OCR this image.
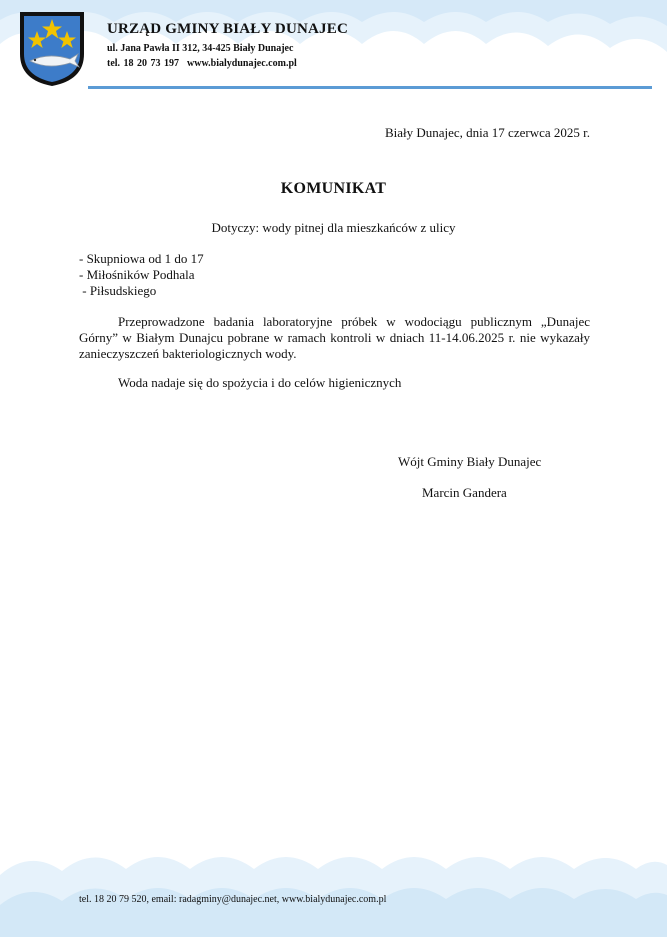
URZĄD GMINY BIAŁY DUNAJEC
ul. Jana Pawła II 312, 34-425 Biały Dunajec
tel. 18 20 73 197 www.bialydunajec.com.pl
Biały Dunajec, dnia 17 czerwca 2025 r.
KOMUNIKAT
Dotyczy: wody pitnej dla mieszkańców z ulicy
- Skupniowa od 1 do 17
- Miłośników Podhala
- Piłsudskiego
Przeprowadzone badania laboratoryjne próbek w wodociągu publicznym „Dunajec Górny” w Białym Dunajcu pobrane w ramach kontroli w dniach 11-14.06.2025 r. nie wykazały zanieczyszczeń bakteriologicznych wody.
Woda nadaje się do spożycia i do celów higienicznych
Wójt Gminy Biały Dunajec
Marcin Gandera
tel. 18 20 79 520, email: radagminy@dunajec.net, www.bialydunajec.com.pl
